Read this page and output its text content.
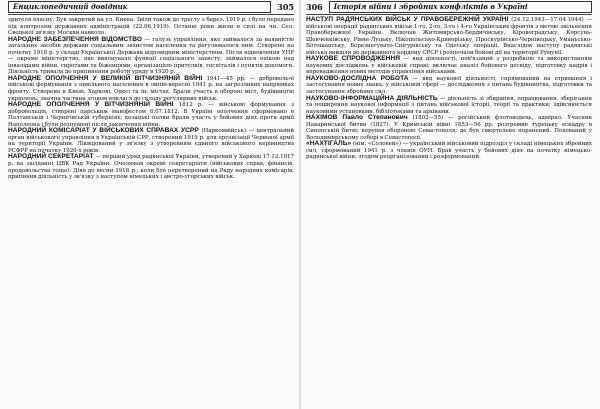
Енциклопедичний довідник	305

зрителя власну. Був закритий на ул. Киева. Звіти також до тресту з берез. 1919 р. і було передано під контролем державних адміністрацій (22.06.1919). Останні роки жили в силі на чи. Сел. Свецької зв'язку Москви навколо.

НАРОДНЕ ЗАБЕЗПЕЧЕННЯ ВІДОМСТВО — галузь управління, яке займалося за наявністю загальних засобів держави соціальним захистом населення та регулювалося ним. Створено на початку 1918 р. у складі Української Держави відповідним міністерством. Після відновлення УНР — окреме міністерство, яке виконувало функції соціального захисту; займалося опікою над інвалідами війни, сиротами та біженцями, організацією притулків, госпіталів і пунктів допомоги. Діяльність тривала до припинення роботи уряду в 1920 р.

НАРОДНЕ ОПОЛЧЕННЯ У ВЕЛИКІЙ ВІТЧИЗНЯНІЙ ВІЙНІ 1941—45 рр. — добровольчі військові формування з цивільного населення в липні-вересні 1941 р. на загрозливих напрямках фронту. Створено в Києві, Харкові, Одесі та ін. містах. Брали участь в обороні міст, будівництві укріплень; значна частина згодом влилася до складу регулярних військ.

НАРОДНЕ ОПОЛЧЕННЯ У ВІТЧИЗНЯНІЙ ВІЙНІ 1812 р. — військові формування з добровольців, створені царським маніфестом 6.07.1812. В Україні ополчення сформовано в Полтавській і Чернігівській губерніях; козацькі полки брали участь у бойових діях проти армії Наполеона і були розпущені після закінчення війни.

НАРОДНИЙ КОМІСАРІАТ У ВІЙСЬКОВИХ СПРАВАХ УСРР (Наркомвійськ) — центральний орган військового управління в Українській СРР, створений 1919 р. для організації Червоної армії на території України. Ліквідований у зв'язку з утворенням єдиного військового керівництва РСФРР на початку 1920-х років.

НАРОДНИЙ СЕКРЕТАРІАТ — перший уряд радянської України, утворений у Харкові 17.12.1917 р. на засіданні ЦВК Рад України. Очолював окремі секретаріати (військових справ, фінансів, продовольства тощо). Діяв до весни 1918 р., коли був перетворений на Раду народних комісарів; припинив діяльність у зв'язку з наступом німецьких і австро-угорських військ.

306	Історія війни і збройних конфліктів в Україні

НАСТУП РАДЯНСЬКИХ ВІЙСЬК У ПРАВОБЕРЕЖНІЙ УКРАЇНІ (24.12.1943—17.04.1944) — військові операції радянських військ 1-го, 2-го, 3-го і 4-го Українських фронтів з метою звільнення Правобережної України. Включав Житомирсько-Бердичівську, Кіровоградську, Корсунь-Шевченківську, Рівне-Луцьку, Нікопольсько-Криворізьку, Проскурівсько-Чернівецьку, Уманьсько-Ботошанську, Березнегувато-Снігурівську та Одеську операції. Внаслідок наступу радянські війська вийшли до державного кордону СРСР і розпочали бойові дії на території Румунії.

НАУКОВЕ СПРОВОДЖЕННЯ — вид діяльності, пов'язаний з розробкою та використанням наукових досліджень у військовій справі; включає аналіз бойового досвіду, підготовку кадрів і впровадження нових методів управління військами.

НАУКОВО-ДОСЛІДНА РОБОТА — вид наукової діяльності, спрямований на отримання і застосування нових знань; у військовій сфері — дослідження з питань будівництва, підготовки та застосування збройних сил.

НАУКОВО-ІНФОРМАЦІЙНА ДІЯЛЬНІСТЬ — діяльність зі збирання, опрацювання, зберігання та поширення наукової інформації з питань військової історії, теорії та практики; здійснюється науковими установами, бібліотеками та архівами.

НАХІМОВ Павло Степанович (1802—55) — російський флотоводець, адмірал. Учасник Наваринської битви (1827). У Кримській війні 1853—56 рр. розгромив турецьку ескадру в Синопській битві; керував обороною Севастополя, де був смертельно поранений. Похований у Володимирському соборі в Севастополі.

«НАХТІГАЛЬ» (нім. «Соловей») — український військовий підрозділ у складі німецьких збройних сил, сформований 1941 р. з членів ОУН. Брав участь у бойових діях на початку німецько-радянської війни; згодом реорганізований і розформований.
